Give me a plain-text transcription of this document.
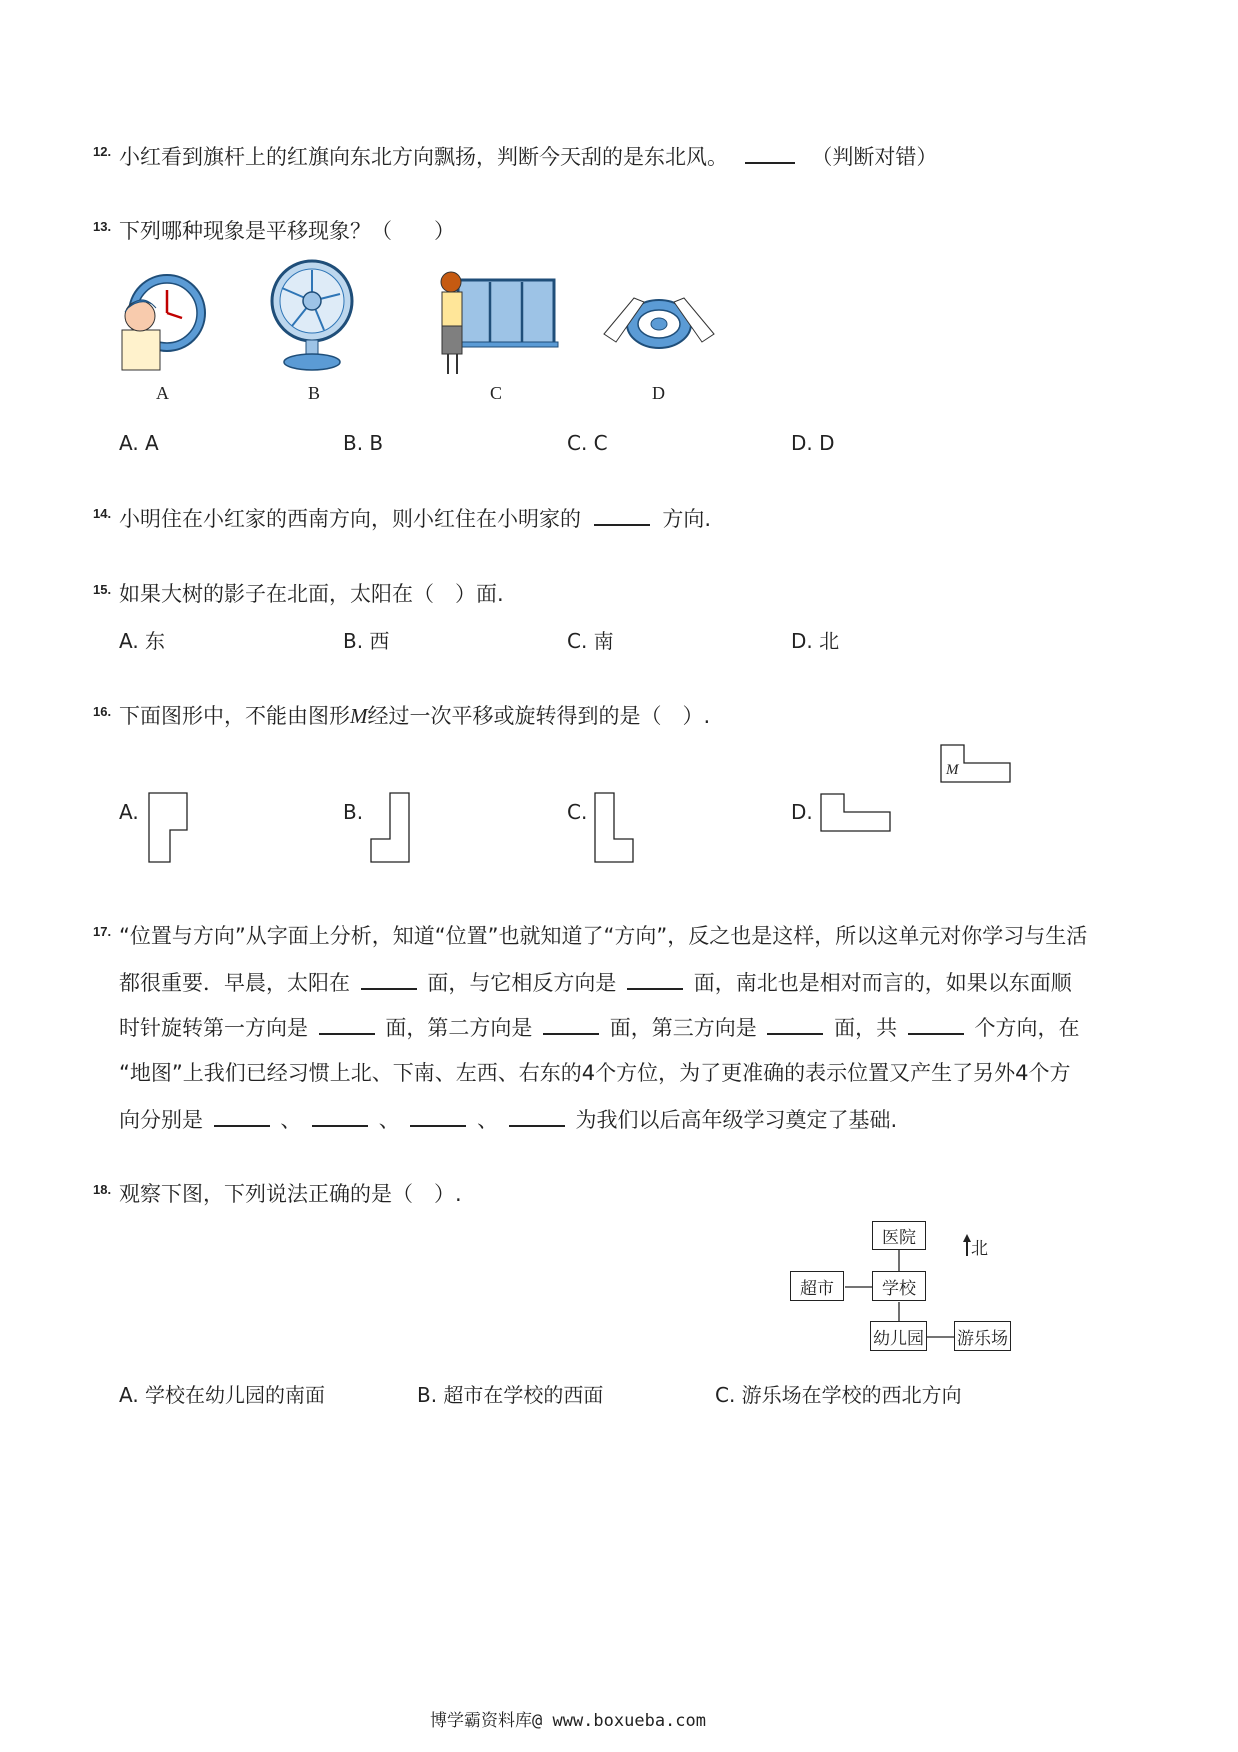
12. 小红看到旗杆上的红旗向东北方向飘扬，判断今天刮的是东北风。	（判断对错）
13. 下列哪种现象是平移现象？（　　）
A	B	C	D
A. A	B. B	C. C	D. D
14. 小明住在小红家的西南方向，则小红住在小明家的	方向.
15. 如果大树的影子在北面，太阳在（　）面.
A. 东	B. 西	C. 南	D. 北
16. 下面图形中，不能由图形M经过一次平移或旋转得到的是（　）.
M
A.	B.	C.	D.
17. “位置与方向”从字面上分析，知道“位置”也就知道了“方向”，反之也是这样，所以这单元对你学习与生活
都很重要．早晨，太阳在	面，与它相反方向是	面，南北也是相对而言的，如果以东面顺
时针旋转第一方向是	面，第二方向是	面，第三方向是	面，共	个方向，在
“地图”上我们已经习惯上北、下南、左西、右东的4个方位，为了更准确的表示位置又产生了另外4个方
向分别是	、	、	、	为我们以后高年级学习奠定了基础.
18. 观察下图，下列说法正确的是（　）.
医院
学校
超市
幼儿园 游乐场
北
A. 学校在幼儿园的南面	B. 超市在学校的西面	C. 游乐场在学校的西北方向
博学霸资料库@ www.boxueba.com
